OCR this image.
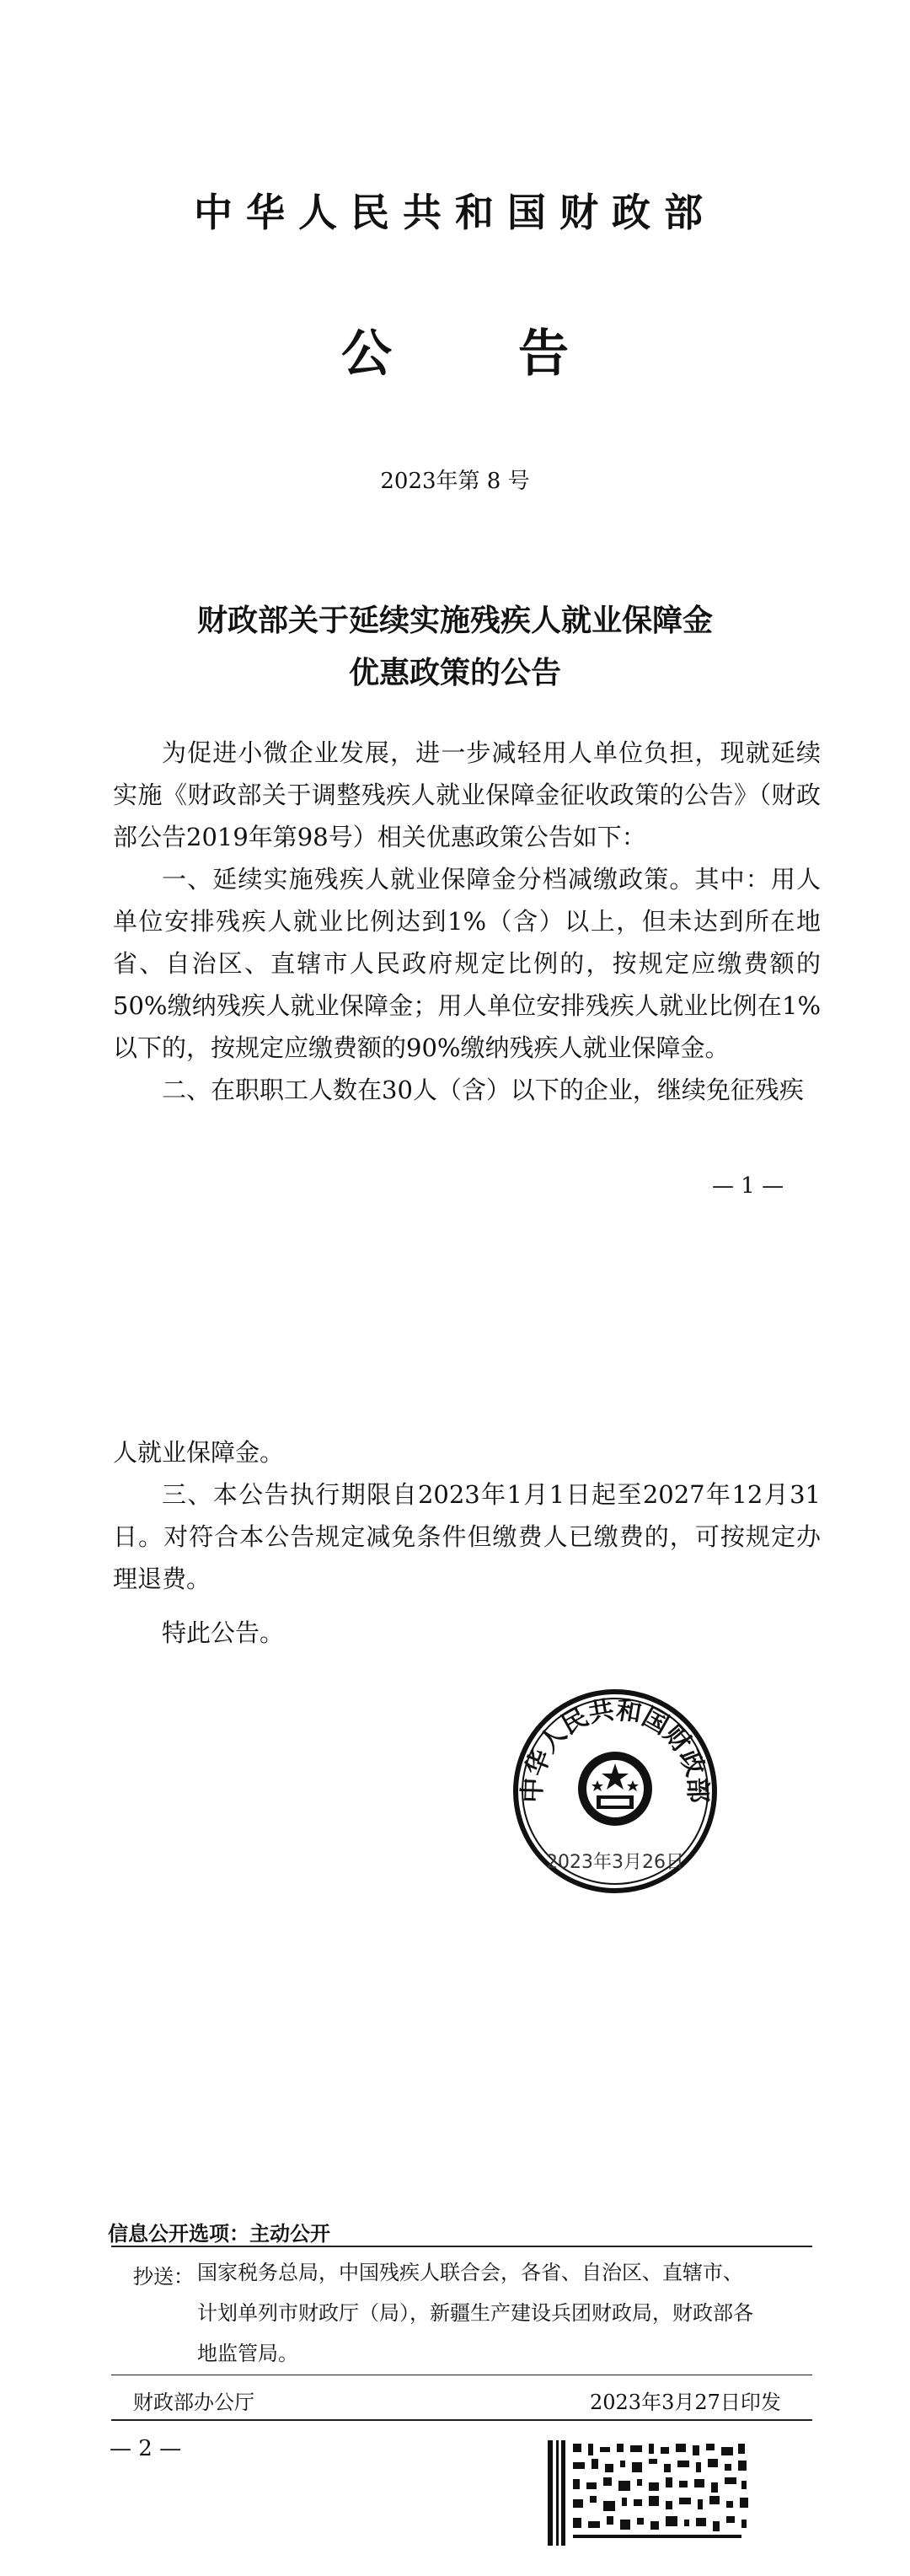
中华人民共和国财政部
公	告
2023年第 8 号
财政部关于延续实施残疾人就业保障金
优惠政策的公告

为促进小微企业发展，进一步减轻用人单位负担，现就延续实施《财政部关于调整残疾人就业保障金征收政策的公告》（财政部公告2019年第98号）相关优惠政策公告如下：

一、延续实施残疾人就业保障金分档减缴政策。其中：用人单位安排残疾人就业比例达到1%（含）以上，但未达到所在地省、自治区、直辖市人民政府规定比例的，按规定应缴费额的50%缴纳残疾人就业保障金；用人单位安排残疾人就业比例在1%以下的，按规定应缴费额的90%缴纳残疾人就业保障金。

二、在职职工人数在30人（含）以下的企业，继续免征残疾

— 1 —

人就业保障金。

三、本公告执行期限自2023年1月1日起至2027年12月31日。对符合本公告规定减免条件但缴费人已缴费的，可按规定办理退费。

特此公告。

中华人民共和国财政部
2023年3月26日
信息公开选项：主动公开
抄送： 国家税务总局，中国残疾人联合会，各省、自治区、直辖市、
计划单列市财政厅（局），新疆生产建设兵团财政局，财政部各
地监管局。
财政部办公厅	2023年3月27日印发
— 2 —
